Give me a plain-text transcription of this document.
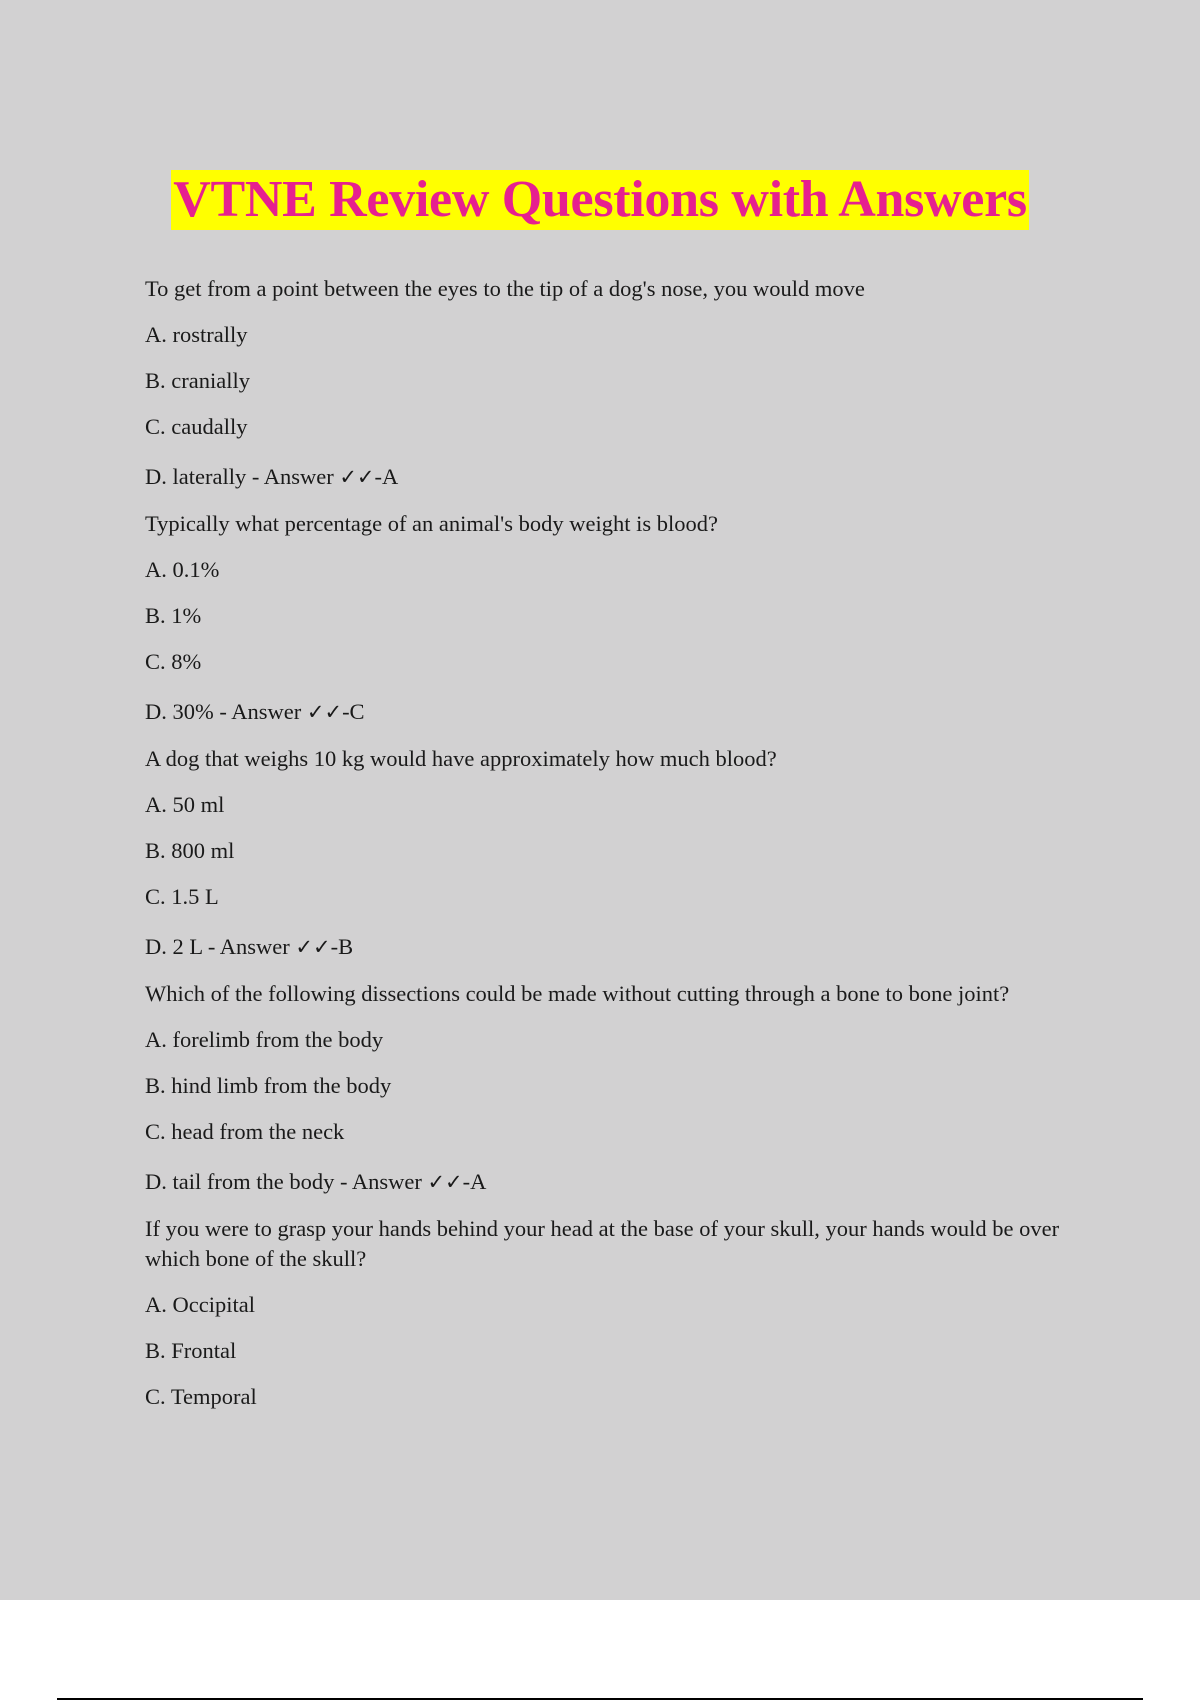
VTNE Review Questions with Answers

To get from a point between the eyes to the tip of a dog's nose, you would move

A. rostrally

B. cranially

C. caudally

D. laterally - Answer ✓✓-A

Typically what percentage of an animal's body weight is blood?

A. 0.1%

B. 1%

C. 8%

D. 30% - Answer ✓✓-C

A dog that weighs 10 kg would have approximately how much blood?

A. 50 ml

B. 800 ml

C. 1.5 L

D. 2 L - Answer ✓✓-B

Which of the following dissections could be made without cutting through a bone to bone joint?

A. forelimb from the body

B. hind limb from the body

C. head from the neck

D. tail from the body - Answer ✓✓-A

If you were to grasp your hands behind your head at the base of your skull, your hands would be over which bone of the skull?

A. Occipital

B. Frontal

C. Temporal
